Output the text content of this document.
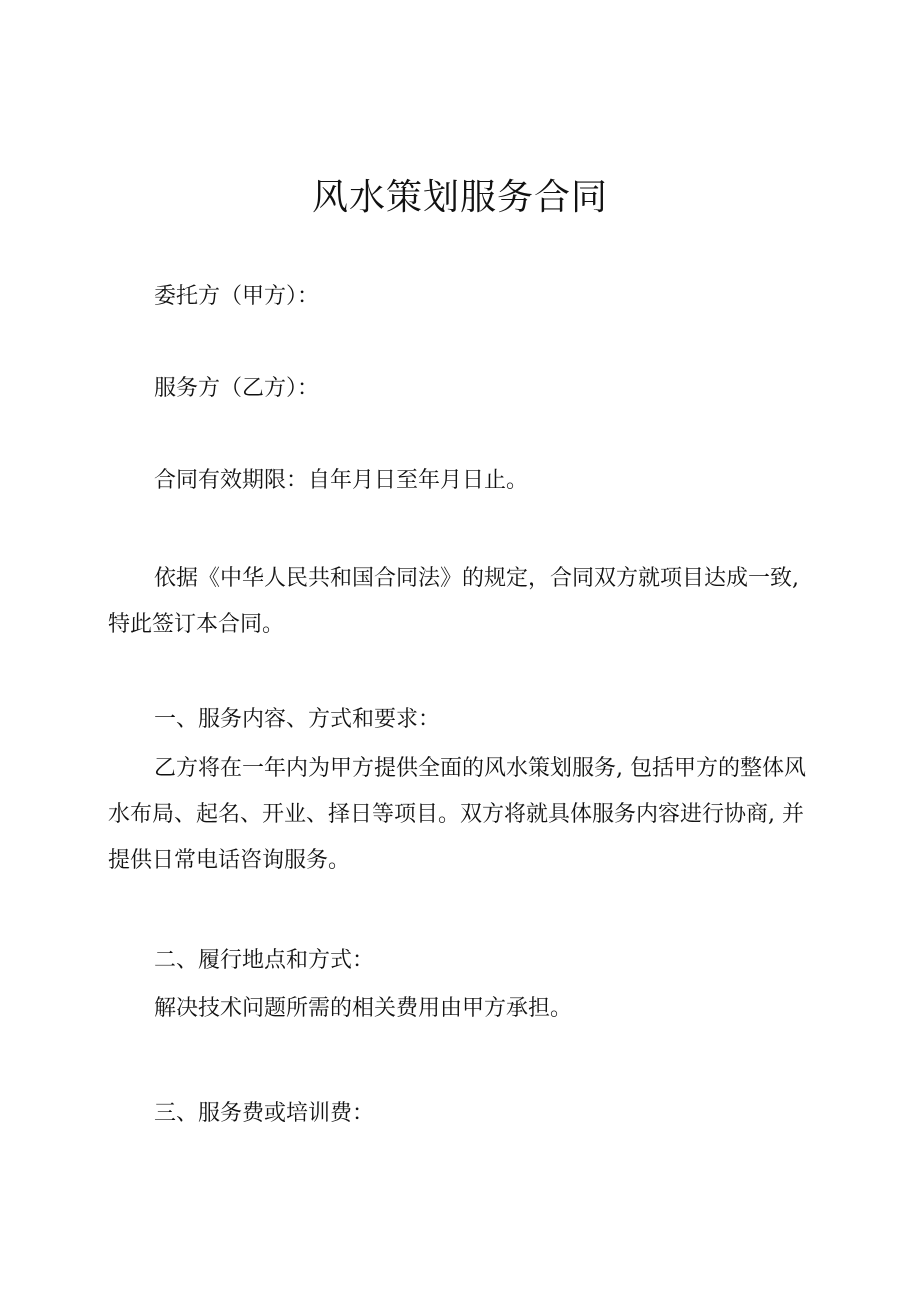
风水策划服务合同

委托方（甲方）：

服务方（乙方）：

合同有效期限：自年月日至年月日止。

依据《中华人民共和国合同法》的规定，合同双方就项目达成一致, 特此签订本合同。

一、服务内容、方式和要求：

乙方将在一年内为甲方提供全面的风水策划服务, 包括甲方的整体风水布局、起名、开业、择日等项目。双方将就具体服务内容进行协商, 并提供日常电话咨询服务。

二、履行地点和方式：

解决技术问题所需的相关费用由甲方承担。

三、服务费或培训费：
